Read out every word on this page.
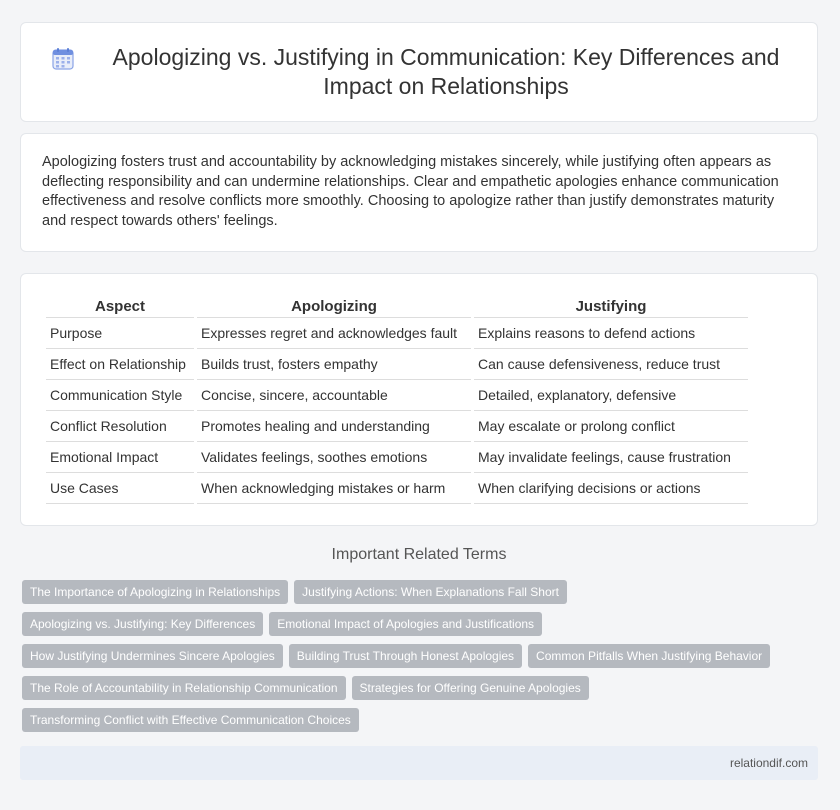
Apologizing vs. Justifying in Communication: Key Differences and Impact on Relationships

Apologizing fosters trust and accountability by acknowledging mistakes sincerely, while justifying often appears as deflecting responsibility and can undermine relationships. Clear and empathetic apologies enhance communication effectiveness and resolve conflicts more smoothly. Choosing to apologize rather than justify demonstrates maturity and respect towards others' feelings.

Aspect	Apologizing	Justifying
Purpose	Expresses regret and acknowledges fault	Explains reasons to defend actions
Effect on Relationship	Builds trust, fosters empathy	Can cause defensiveness, reduce trust
Communication Style	Concise, sincere, accountable	Detailed, explanatory, defensive
Conflict Resolution	Promotes healing and understanding	May escalate or prolong conflict
Emotional Impact	Validates feelings, soothes emotions	May invalidate feelings, cause frustration
Use Cases	When acknowledging mistakes or harm	When clarifying decisions or actions
Important Related Terms
The Importance of Apologizing in Relationships	Justifying Actions: When Explanations Fall Short
Apologizing vs. Justifying: Key Differences	Emotional Impact of Apologies and Justifications
How Justifying Undermines Sincere Apologies	Building Trust Through Honest Apologies	Common Pitfalls When Justifying Behavior
The Role of Accountability in Relationship Communication	Strategies for Offering Genuine Apologies
Transforming Conflict with Effective Communication Choices
relationdif.com
